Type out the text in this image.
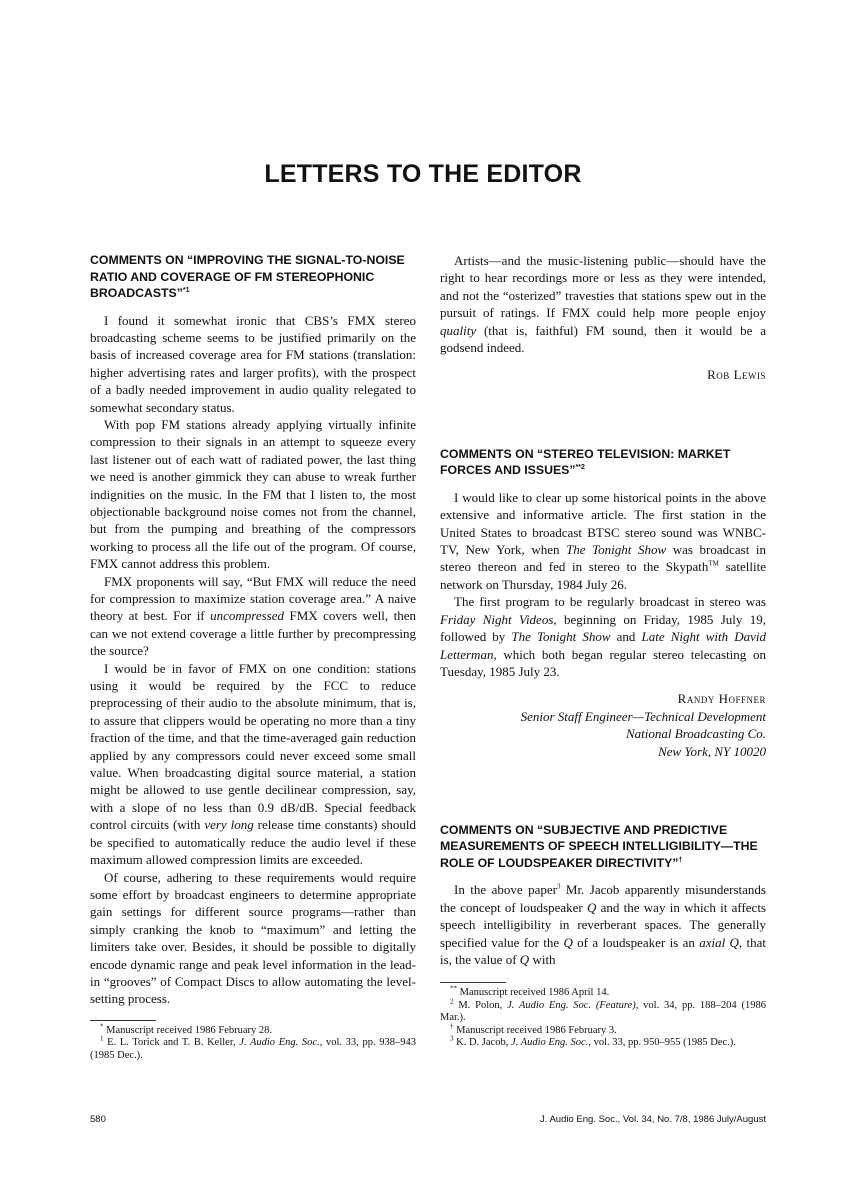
LETTERS TO THE EDITOR
COMMENTS ON “IMPROVING THE SIGNAL-TO-NOISE RATIO AND COVERAGE OF FM STEREOPHONIC BROADCASTS”$^{*1}$

I found it somewhat ironic that CBS’s FMX stereo broadcasting scheme seems to be justified primarily on the basis of increased coverage area for FM stations (translation: higher advertising rates and larger profits), with the prospect of a badly needed improvement in audio quality relegated to somewhat secondary status.

With pop FM stations already applying virtually infinite compression to their signals in an attempt to squeeze every last listener out of each watt of radiated power, the last thing we need is another gimmick they can abuse to wreak further indignities on the music. In the FM that I listen to, the most objectionable background noise comes not from the channel, but from the pumping and breathing of the compressors working to process all the life out of the program. Of course, FMX cannot address this problem.

FMX proponents will say, “But FMX will reduce the need for compression to maximize station coverage area.” A naive theory at best. For if uncompressed FMX covers well, then can we not extend coverage a little further by precompressing the source?

I would be in favor of FMX on one condition: stations using it would be required by the FCC to reduce preprocessing of their audio to the absolute minimum, that is, to assure that clippers would be operating no more than a tiny fraction of the time, and that the time-averaged gain reduction applied by any compressors could never exceed some small value. When broadcasting digital source material, a station might be allowed to use gentle decilinear compression, say, with a slope of no less than 0.9 dB/dB. Special feedback control circuits (with very long release time constants) should be specified to automatically reduce the audio level if these maximum allowed compression limits are exceeded.

Of course, adhering to these requirements would require some effort by broadcast engineers to determine appropriate gain settings for different source programs—rather than simply cranking the knob to “maximum” and letting the limiters take over. Besides, it should be possible to digitally encode dynamic range and peak level information in the lead-in “grooves” of Compact Discs to allow automating the level-setting process.

* Manuscript received 1986 February 28.

$^1$ E. L. Torick and T. B. Keller, J. Audio Eng. Soc., vol. 33, pp. 938–943 (1985 Dec.).

Artists—and the music-listening public—should have the right to hear recordings more or less as they were intended, and not the “osterized” travesties that stations spew out in the pursuit of ratings. If FMX could help more people enjoy quality (that is, faithful) FM sound, then it would be a godsend indeed.

Rob Lewis

COMMENTS ON “STEREO TELEVISION: MARKET FORCES AND ISSUES”$^{**2}$

I would like to clear up some historical points in the above extensive and informative article. The first station in the United States to broadcast BTSC stereo sound was WNBC-TV, New York, when The Tonight Show was broadcast in stereo thereon and fed in stereo to the Skypath™ satellite network on Thursday, 1984 July 26.

The first program to be regularly broadcast in stereo was Friday Night Videos, beginning on Friday, 1985 July 19, followed by The Tonight Show and Late Night with David Letterman, which both began regular stereo telecasting on Tuesday, 1985 July 23.

Randy Hoffner

Senior Staff Engineer—Technical Development

National Broadcasting Co.

New York, NY 10020

COMMENTS ON “SUBJECTIVE AND PREDICTIVE MEASUREMENTS OF SPEECH INTELLIGIBILITY—THE ROLE OF LOUDSPEAKER DIRECTIVITY”†

In the above paper$^3$ Mr. Jacob apparently misunderstands the concept of loudspeaker Q and the way in which it affects speech intelligibility in reverberant spaces. The generally specified value for the Q of a loudspeaker is an axial Q, that is, the value of Q with

** Manuscript received 1986 April 14.

$^2$ M. Polon, J. Audio Eng. Soc. (Feature), vol. 34, pp. 188–204 (1986 Mar.).

† Manuscript received 1986 February 3.

$^3$ K. D. Jacob, J. Audio Eng. Soc., vol. 33, pp. 950–955 (1985 Dec.).

580	J. Audio Eng. Soc., Vol. 34, No. 7/8, 1986 July/August
